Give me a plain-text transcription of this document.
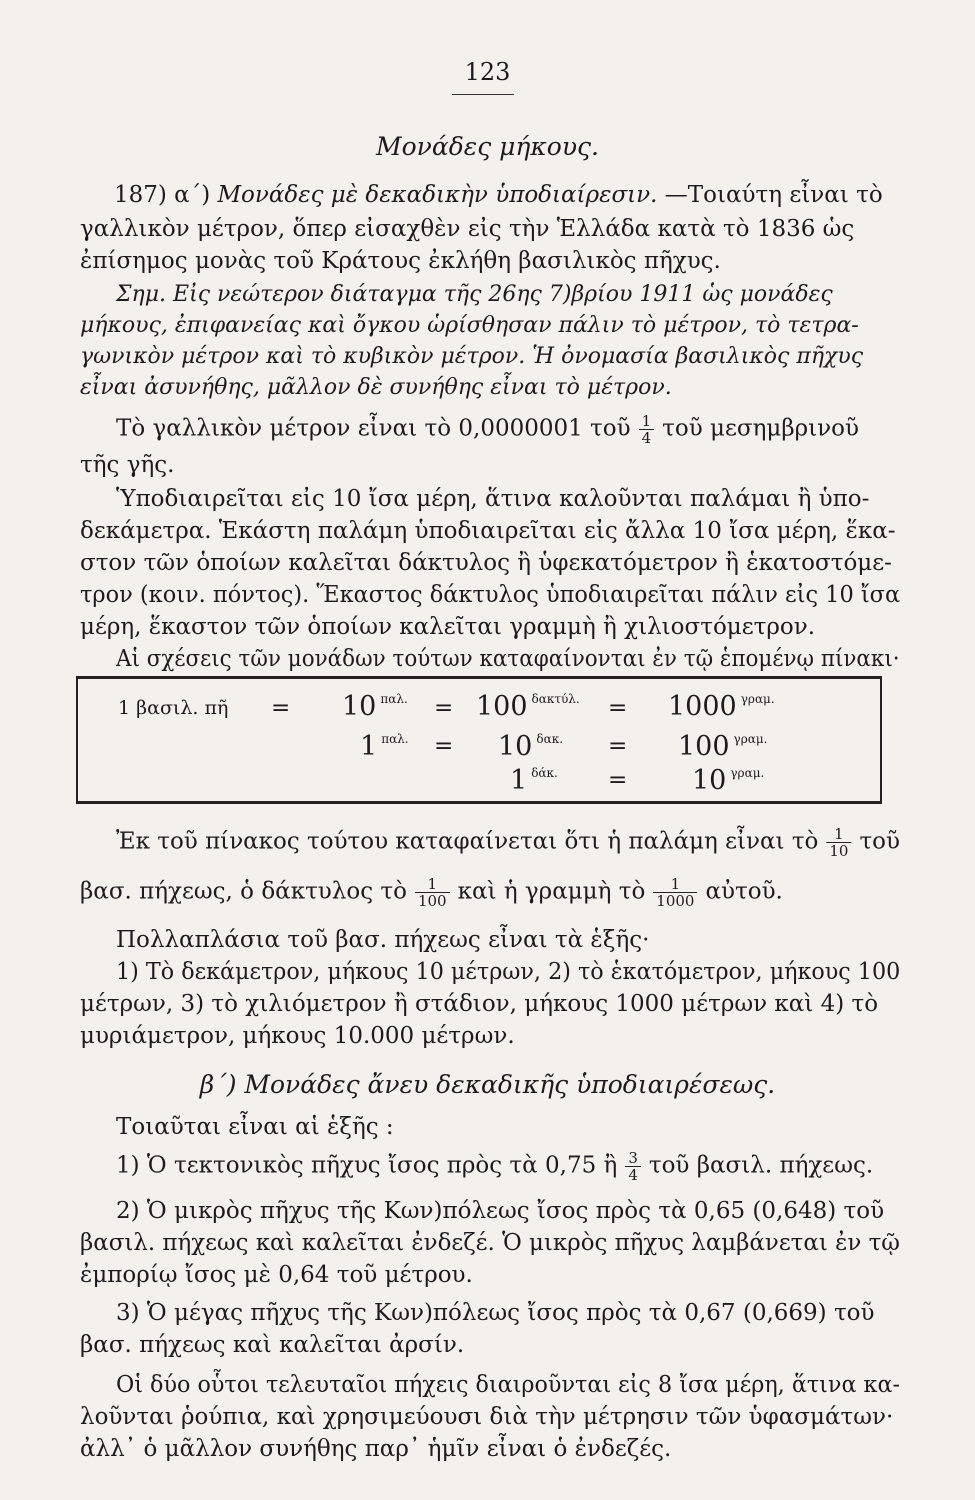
123
Μονάδες μήκους.
187) α΄) Μονάδες μὲ δεκαδικὴν ὑποδιαίρεσιν. —Τοιαύτη εἶναι τὸ
γαλλικὸν μέτρον, ὅπερ εἰσαχθὲν εἰς τὴν Ἑλλάδα κατὰ τὸ 1836 ὡς
ἐπίσημος μονὰς τοῦ Κράτους ἐκλήθη βασιλικὸς πῆχυς.
Σημ. Εἰς νεώτερον διάταγμα τῆς 26ης 7)βρίου 1911 ὡς μονάδες
μήκους, ἐπιφανείας καὶ ὄγκου ὡρίσθησαν πάλιν τὸ μέτρον, τὸ τετρα-
γωνικὸν μέτρον καὶ τὸ κυβικὸν μέτρον. Ἡ ὀνομασία βασιλικὸς πῆχυς
εἶναι ἀσυνήθης, μᾶλλον δὲ συνήθης εἶναι τὸ μέτρον.
Τὸ γαλλικὸν μέτρον εἶναι τὸ 0,0000001 τοῦ $\frac{1}{4}$ τοῦ μεσημβρινοῦ
τῆς γῆς.
Ὑποδιαιρεῖται εἰς 10 ἴσα μέρη, ἅτινα καλοῦνται παλάμαι ἢ ὑπο-
δεκάμετρα. Ἑκάστη παλάμη ὑποδιαιρεῖται εἰς ἄλλα 10 ἴσα μέρη, ἕκα-
στον τῶν ὁποίων καλεῖται δάκτυλος ἢ ὑφεκατόμετρον ἢ ἑκατοστόμε-
τρον (κοιν. πόντος). Ἕκαστος δάκτυλος ὑποδιαιρεῖται πάλιν εἰς 10 ἴσα
μέρη, ἕκαστον τῶν ὁποίων καλεῖται γραμμὴ ἢ χιλιοστόμετρον.
Αἱ σχέσεις τῶν μονάδων τούτων καταφαίνονται ἐν τῷ ἑπομένῳ πίνακι·
1 βασιλ. πῆ = 10 $^{\pi\alpha\lambda.}$ = 100 $^{\delta\alpha\kappa\tau ύ\lambda.}$ = 1000 $^{\gamma\rho\alpha\mu.}$
1 $^{\pi\alpha\lambda.}$ = 10 $^{\delta\alpha\kappa.}$ = 100 $^{\gamma\rho\alpha\mu.}$
1 $^{\delta ά\kappa.}$ = 10 $^{\gamma\rho\alpha\mu.}$
Ἐκ τοῦ πίνακος τούτου καταφαίνεται ὅτι ἡ παλάμη εἶναι τὸ $\frac{1}{10}$ τοῦ
βασ. πήχεως, ὁ δάκτυλος τὸ $\frac{1}{100}$ καὶ ἡ γραμμὴ τὸ $\frac{1}{1000}$ αὐτοῦ.
Πολλαπλάσια τοῦ βασ. πήχεως εἶναι τὰ ἑξῆς·
1) Τὸ δεκάμετρον, μήκους 10 μέτρων, 2) τὸ ἑκατόμετρον, μήκους 100
μέτρων, 3) τὸ χιλιόμετρον ἢ στάδιον, μήκους 1000 μέτρων καὶ 4) τὸ
μυριάμετρον, μήκους 10.000 μέτρων.
β΄) Μονάδες ἄνευ δεκαδικῆς ὑποδιαιρέσεως.
Τοιαῦται εἶναι αἱ ἑξῆς :
1) Ὁ τεκτονικὸς πῆχυς ἴσος πρὸς τὰ 0,75 ἢ $\frac{3}{4}$ τοῦ βασιλ. πήχεως.
2) Ὁ μικρὸς πῆχυς τῆς Κων)πόλεως ἴσος πρὸς τὰ 0,65 (0,648) τοῦ
βασιλ. πήχεως καὶ καλεῖται ἐνδεζέ. Ὁ μικρὸς πῆχυς λαμβάνεται ἐν τῷ
ἐμπορίῳ ἴσος μὲ 0,64 τοῦ μέτρου.
3) Ὁ μέγας πῆχυς τῆς Κων)πόλεως ἴσος πρὸς τὰ 0,67 (0,669) τοῦ
βασ. πήχεως καὶ καλεῖται ἀρσίν.
Οἱ δύο οὗτοι τελευταῖοι πήχεις διαιροῦνται εἰς 8 ἴσα μέρη, ἅτινα κα-
λοῦνται ῥούπια, καὶ χρησιμεύουσι διὰ τὴν μέτρησιν τῶν ὑφασμάτων·
ἀλλ᾽ ὁ μᾶλλον συνήθης παρ᾽ ἡμῖν εἶναι ὁ ἐνδεζές.
